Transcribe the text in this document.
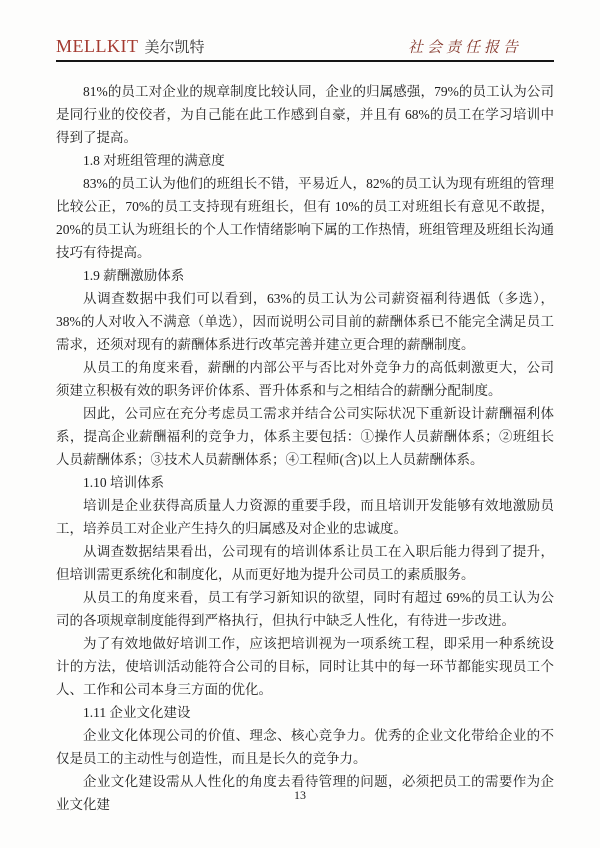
MELLKIT 美尔凯特	社会责任报告

81%的员工对企业的规章制度比较认同，企业的归属感强，79%的员工认为公司是同行业的佼佼者，为自己能在此工作感到自豪，并且有 68%的员工在学习培训中得到了提高。

1.8 对班组管理的满意度

83%的员工认为他们的班组长不错，平易近人，82%的员工认为现有班组的管理比较公正，70%的员工支持现有班组长，但有 10%的员工对班组长有意见不敢提，20%的员工认为班组长的个人工作情绪影响下属的工作热情，班组管理及班组长沟通技巧有待提高。

1.9 薪酬激励体系

从调查数据中我们可以看到，63%的员工认为公司薪资福利待遇低（多选），38%的人对收入不满意（单选），因而说明公司目前的薪酬体系已不能完全满足员工需求，还须对现有的薪酬体系进行改革完善并建立更合理的薪酬制度。

从员工的角度来看，薪酬的内部公平与否比对外竞争力的高低刺激更大，公司须建立积极有效的职务评价体系、晋升体系和与之相结合的薪酬分配制度。

因此，公司应在充分考虑员工需求并结合公司实际状况下重新设计薪酬福利体系，提高企业薪酬福利的竞争力，体系主要包括：①操作人员薪酬体系；②班组长人员薪酬体系；③技术人员薪酬体系；④工程师(含)以上人员薪酬体系。

1.10 培训体系

培训是企业获得高质量人力资源的重要手段，而且培训开发能够有效地激励员工，培养员工对企业产生持久的归属感及对企业的忠诚度。

从调查数据结果看出，公司现有的培训体系让员工在入职后能力得到了提升，但培训需更系统化和制度化，从而更好地为提升公司员工的素质服务。

从员工的角度来看，员工有学习新知识的欲望，同时有超过 69%的员工认为公司的各项规章制度能得到严格执行，但执行中缺乏人性化，有待进一步改进。

为了有效地做好培训工作，应该把培训视为一项系统工程，即采用一种系统设计的方法，使培训活动能符合公司的目标，同时让其中的每一环节都能实现员工个人、工作和公司本身三方面的优化。

1.11 企业文化建设

企业文化体现公司的价值、理念、核心竞争力。优秀的企业文化带给企业的不仅是员工的主动性与创造性，而且是长久的竞争力。

企业文化建设需从人性化的角度去看待管理的问题，必须把员工的需要作为企业文化建

13
